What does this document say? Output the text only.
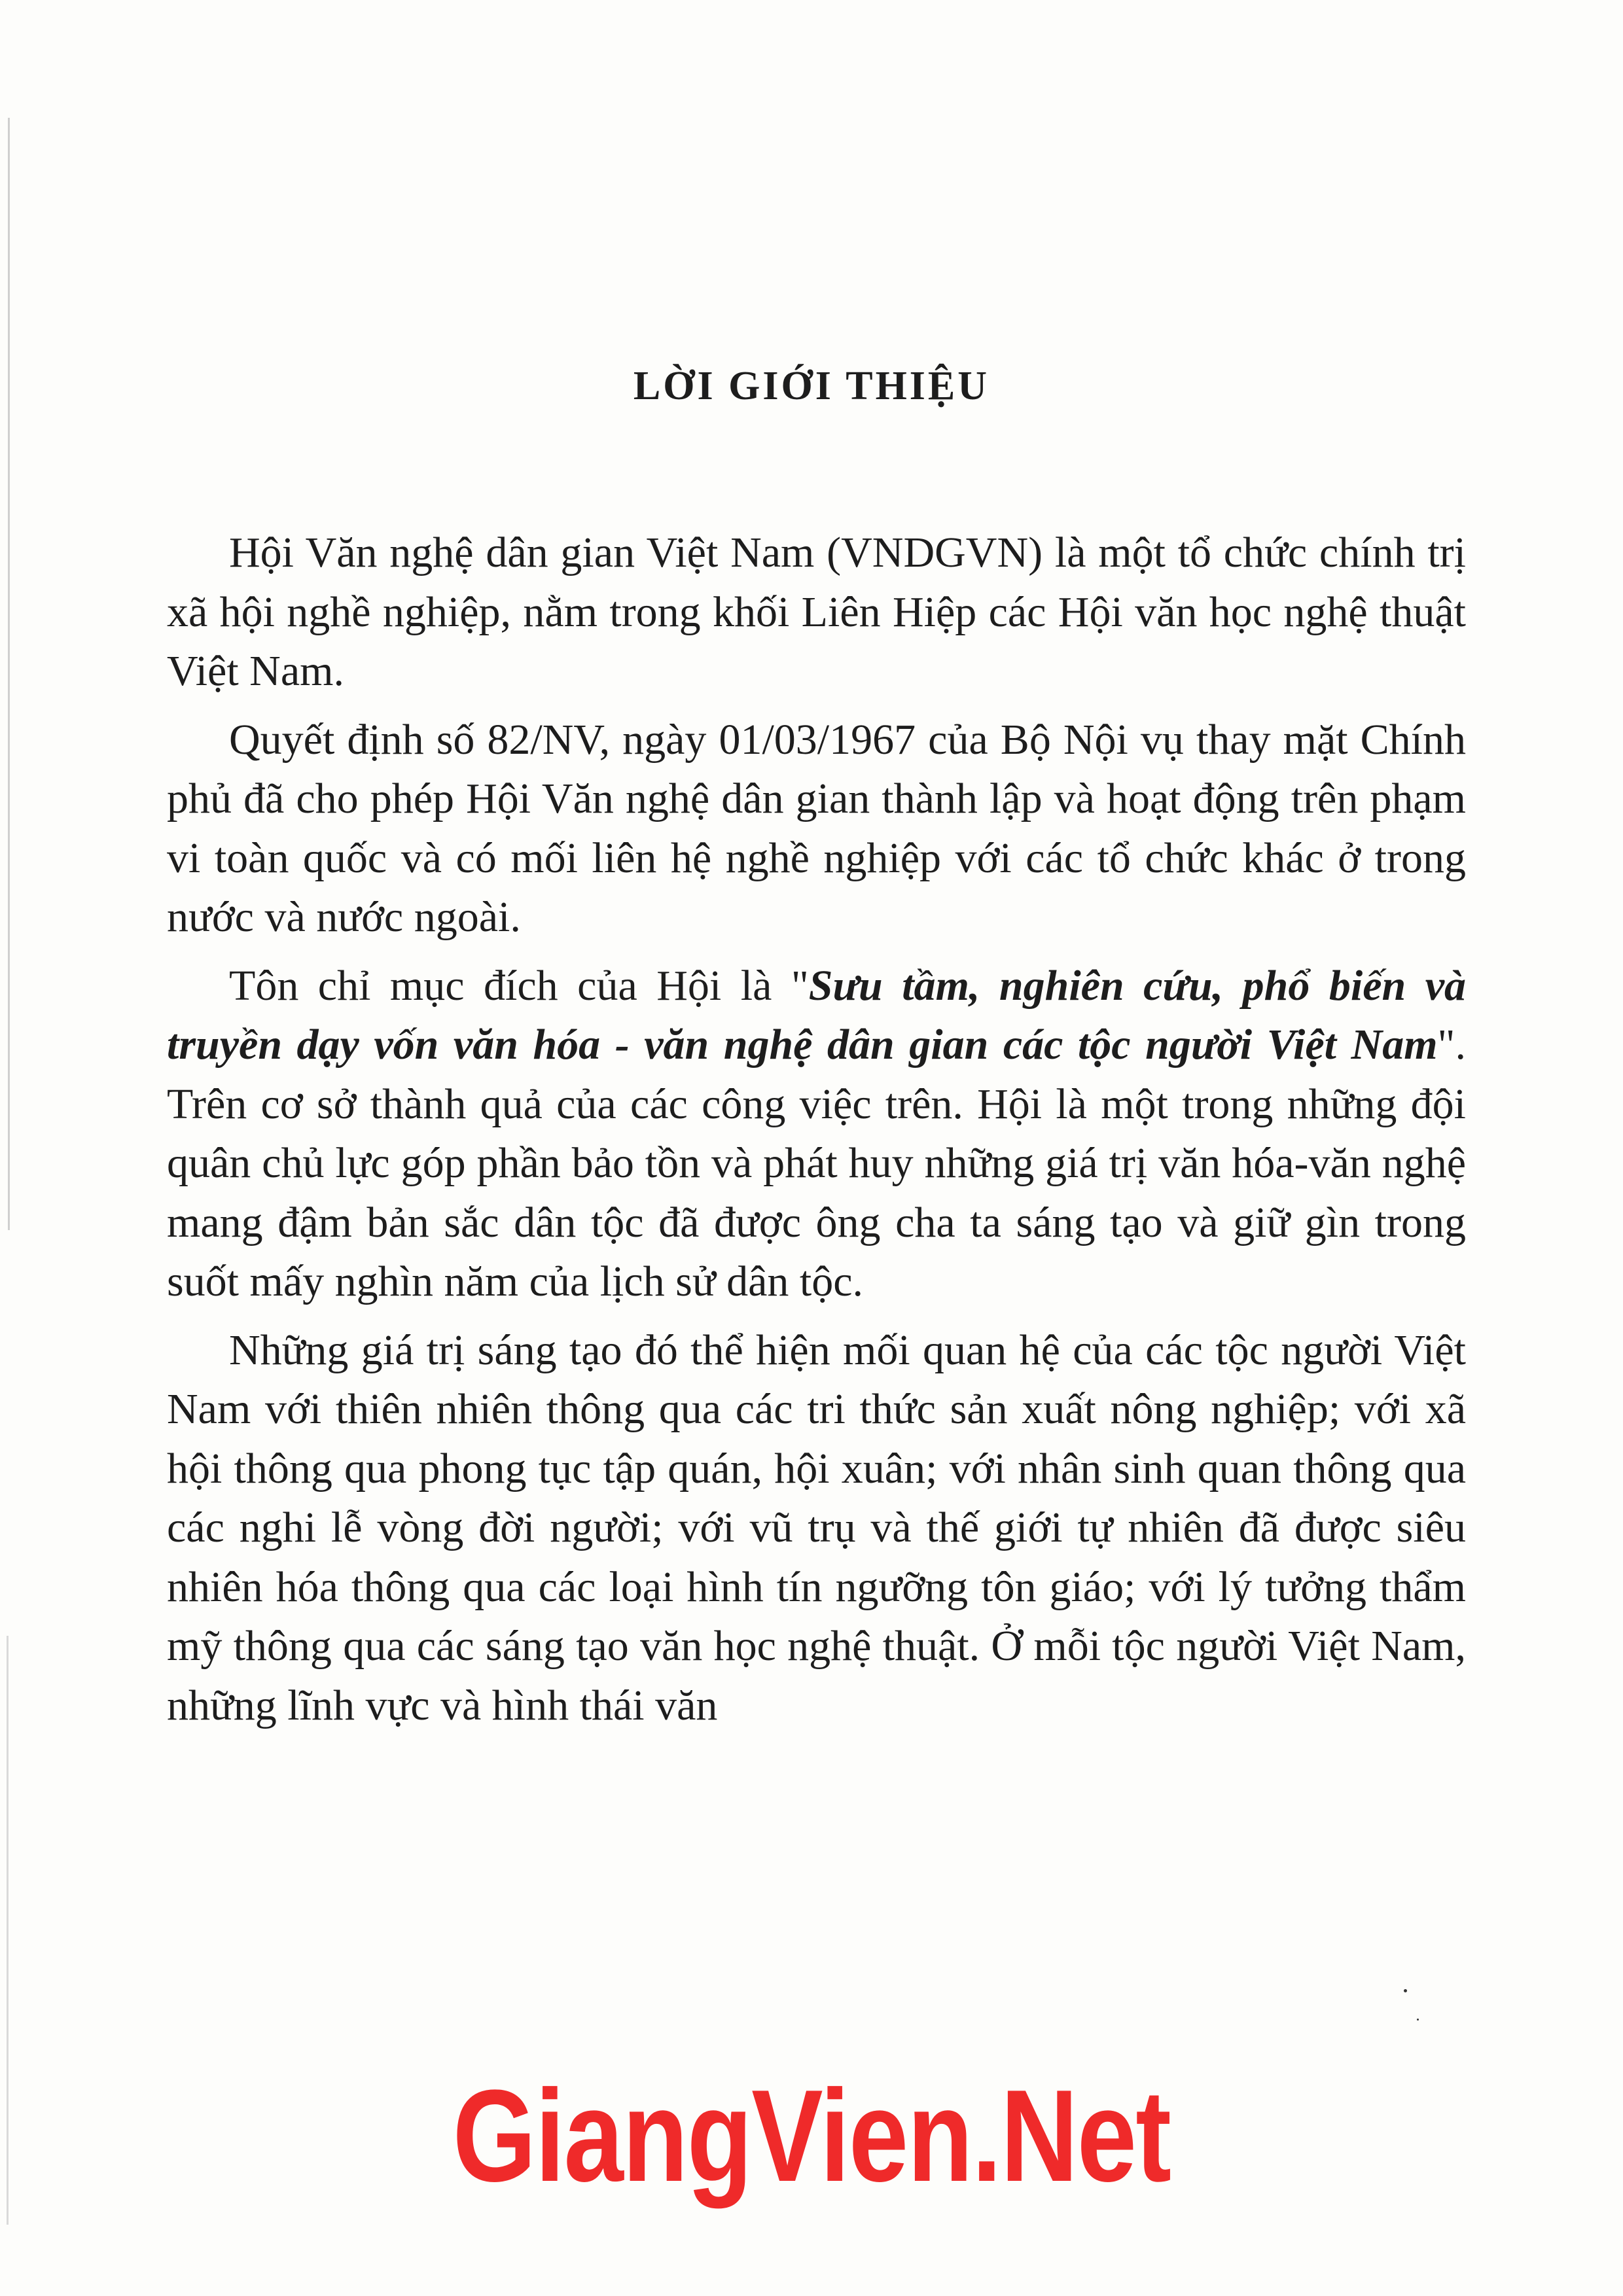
LỜI GIỚI THIỆU

Hội Văn nghệ dân gian Việt Nam (VNDGVN) là một tổ chức chính trị xã hội nghề nghiệp, nằm trong khối Liên Hiệp các Hội văn học nghệ thuật Việt Nam.

Quyết định số 82/NV, ngày 01/03/1967 của Bộ Nội vụ thay mặt Chính phủ đã cho phép Hội Văn nghệ dân gian thành lập và hoạt động trên phạm vi toàn quốc và có mối liên hệ nghề nghiệp với các tổ chức khác ở trong nước và nước ngoài.

Tôn chỉ mục đích của Hội là "Sưu tầm, nghiên cứu, phổ biến và truyền dạy vốn văn hóa - văn nghệ dân gian các tộc người Việt Nam". Trên cơ sở thành quả của các công việc trên. Hội là một trong những đội quân chủ lực góp phần bảo tồn và phát huy những giá trị văn hóa-văn nghệ mang đậm bản sắc dân tộc đã được ông cha ta sáng tạo và giữ gìn trong suốt mấy nghìn năm của lịch sử dân tộc.

Những giá trị sáng tạo đó thể hiện mối quan hệ của các tộc người Việt Nam với thiên nhiên thông qua các tri thức sản xuất nông nghiệp; với xã hội thông qua phong tục tập quán, hội xuân; với nhân sinh quan thông qua các nghi lễ vòng đời người; với vũ trụ và thế giới tự nhiên đã được siêu nhiên hóa thông qua các loại hình tín ngưỡng tôn giáo; với lý tưởng thẩm mỹ thông qua các sáng tạo văn học nghệ thuật. Ở mỗi tộc người Việt Nam, những lĩnh vực và hình thái văn

GiangVien.Net
